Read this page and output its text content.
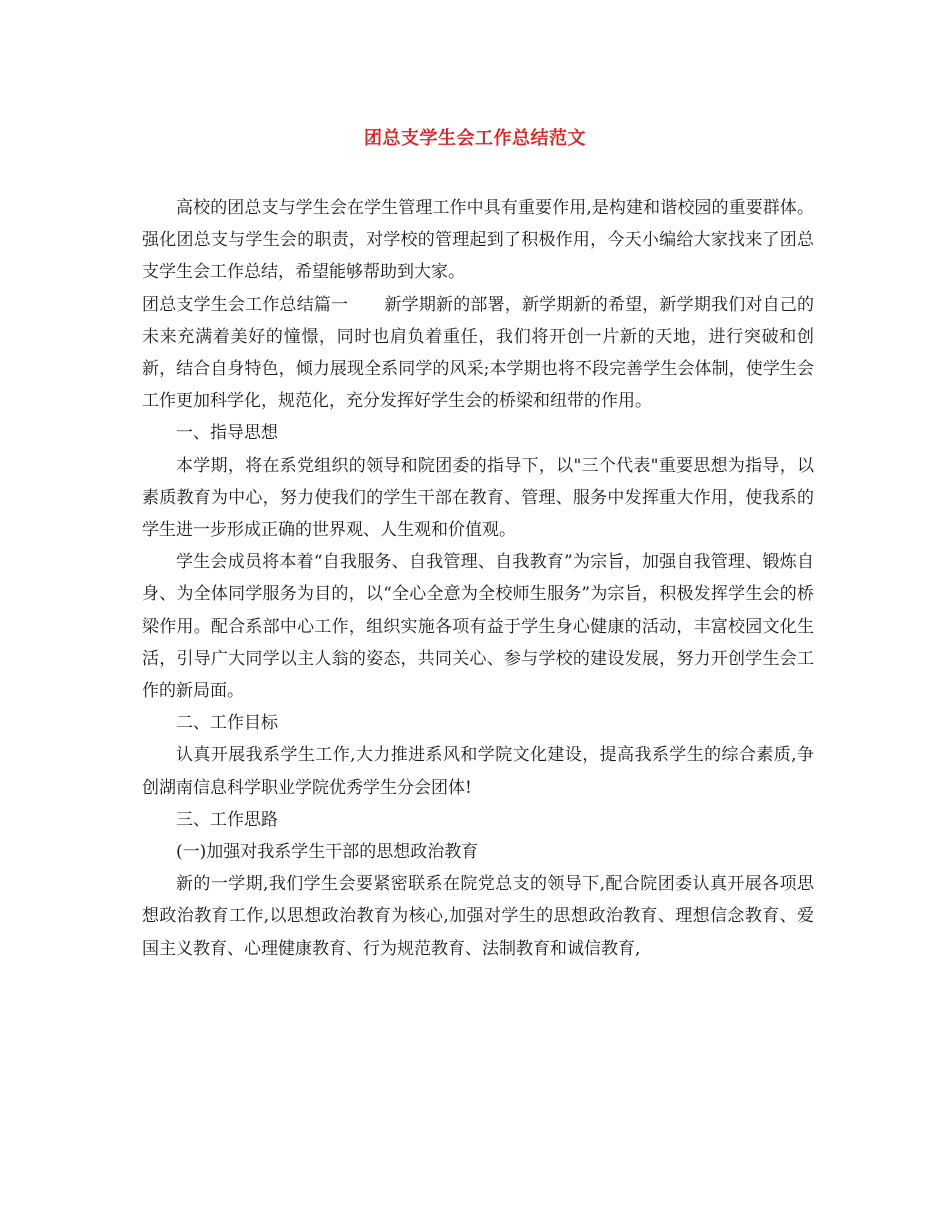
团总支学生会工作总结范文

高校的团总支与学生会在学生管理工作中具有重要作用,是构建和谐校园的重要群体。强化团总支与学生会的职责，对学校的管理起到了积极作用，今天小编给大家找来了团总支学生会工作总结，希望能够帮助到大家。

团总支学生会工作总结篇一 新学期新的部署，新学期新的希望，新学期我们对自己的未来充满着美好的憧憬，同时也肩负着重任，我们将开创一片新的天地，进行突破和创新，结合自身特色，倾力展现全系同学的风采;本学期也将不段完善学生会体制，使学生会工作更加科学化，规范化，充分发挥好学生会的桥梁和纽带的作用。

一、指导思想

本学期，将在系党组织的领导和院团委的指导下，以"三个代表"重要思想为指导，以素质教育为中心，努力使我们的学生干部在教育、管理、服务中发挥重大作用，使我系的学生进一步形成正确的世界观、人生观和价值观。

学生会成员将本着“自我服务、自我管理、自我教育”为宗旨，加强自我管理、锻炼自身、为全体同学服务为目的，以“全心全意为全校师生服务”为宗旨，积极发挥学生会的桥梁作用。配合系部中心工作，组织实施各项有益于学生身心健康的活动，丰富校园文化生活，引导广大同学以主人翁的姿态，共同关心、参与学校的建设发展，努力开创学生会工作的新局面。

二、工作目标

认真开展我系学生工作,大力推进系风和学院文化建设，提高我系学生的综合素质,争创湖南信息科学职业学院优秀学生分会团体!

三、工作思路

(一)加强对我系学生干部的思想政治教育

新的一学期,我们学生会要紧密联系在院党总支的领导下,配合院团委认真开展各项思想政治教育工作,以思想政治教育为核心,加强对学生的思想政治教育、理想信念教育、爱国主义教育、心理健康教育、行为规范教育、法制教育和诚信教育,
